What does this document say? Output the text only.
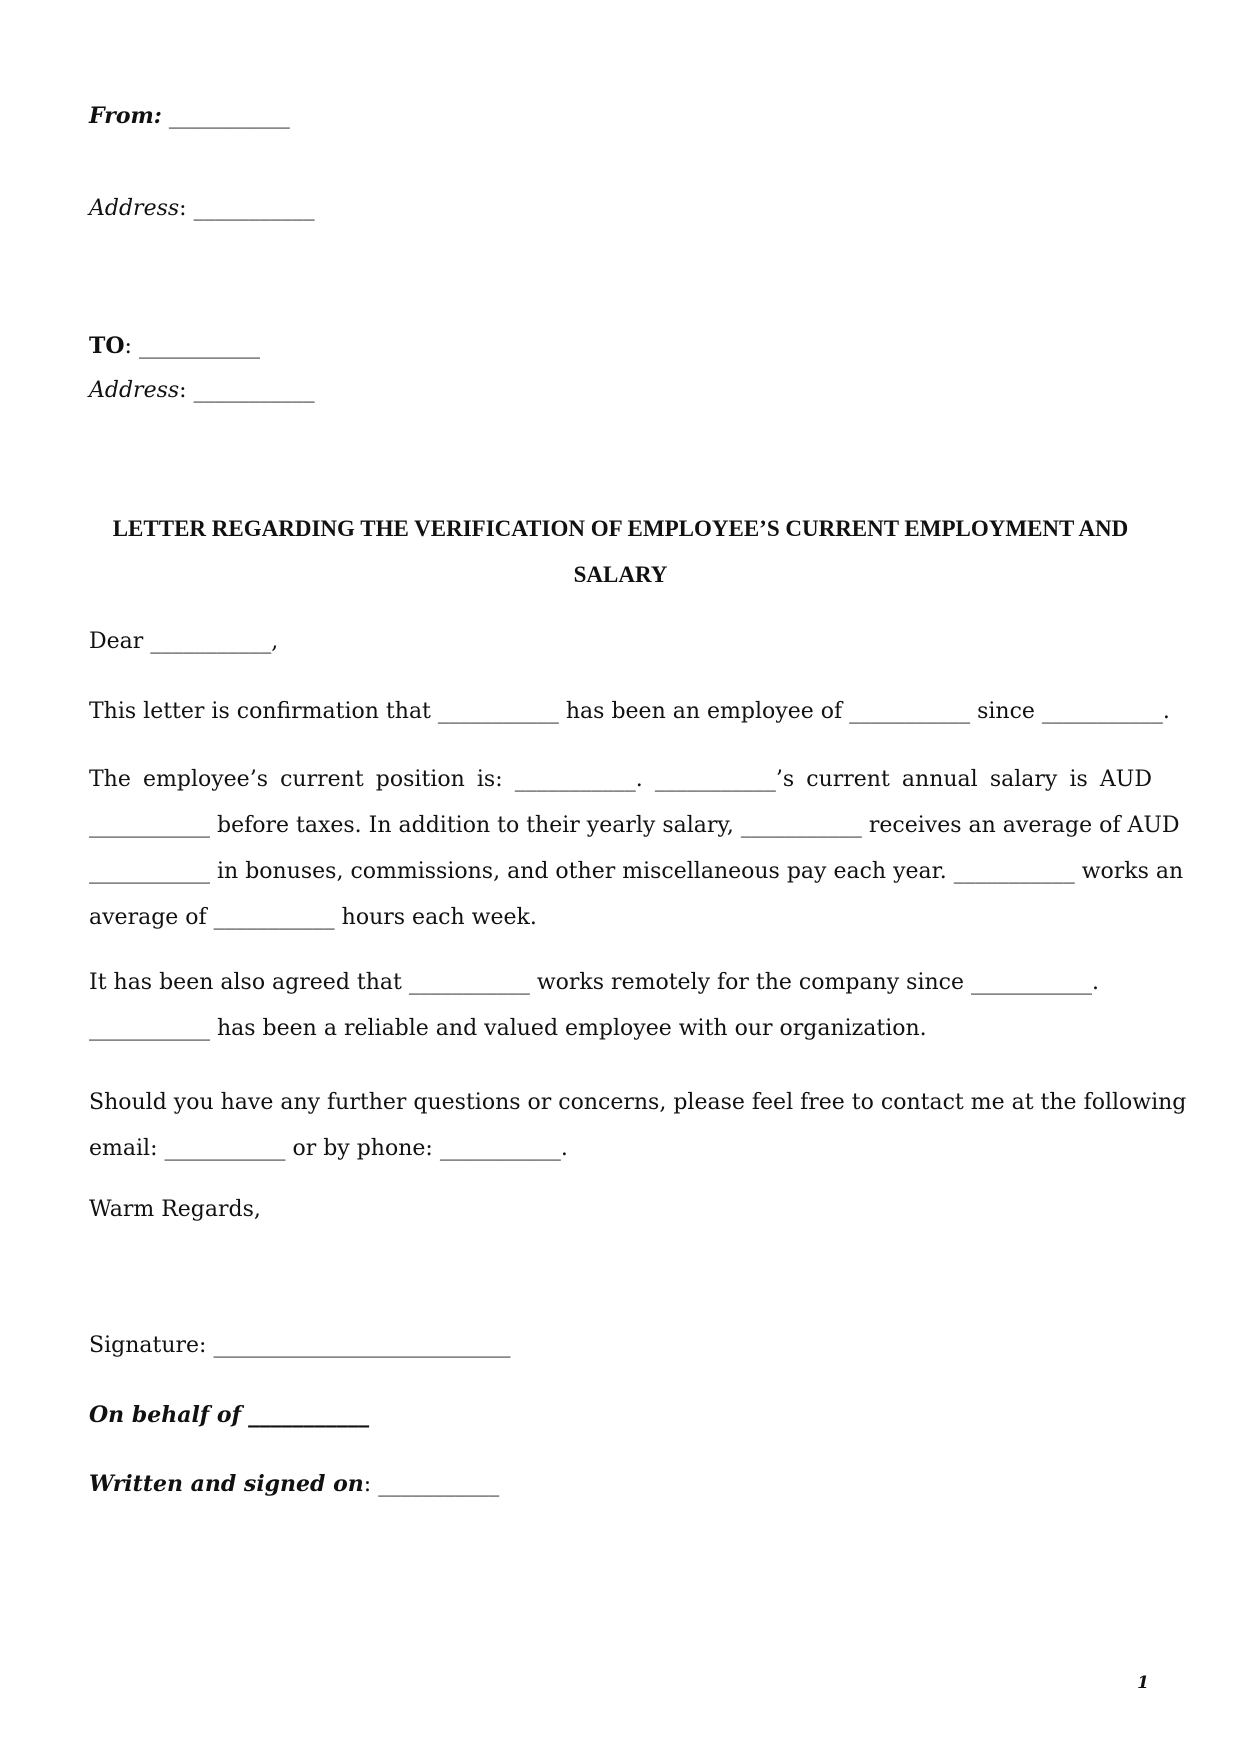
From: ___________
Address: ___________
TO: ___________
Address: ___________
LETTER REGARDING THE VERIFICATION OF EMPLOYEE’S CURRENT EMPLOYMENT AND
SALARY
Dear ___________,
This letter is confirmation that ___________ has been an employee of ___________ since ___________.
The employee’s current position is: ___________. ___________’s current annual salary is AUD
___________ before taxes. In addition to their yearly salary, ___________ receives an average of AUD
___________ in bonuses, commissions, and other miscellaneous pay each year. ___________ works an
average of ___________ hours each week.
It has been also agreed that ___________ works remotely for the company since ___________.
___________ has been a reliable and valued employee with our organization.
Should you have any further questions or concerns, please feel free to contact me at the following
email: ___________ or by phone: ___________.
Warm Regards,
Signature: ___________________________
On behalf of ___________
Written and signed on: ___________
1
